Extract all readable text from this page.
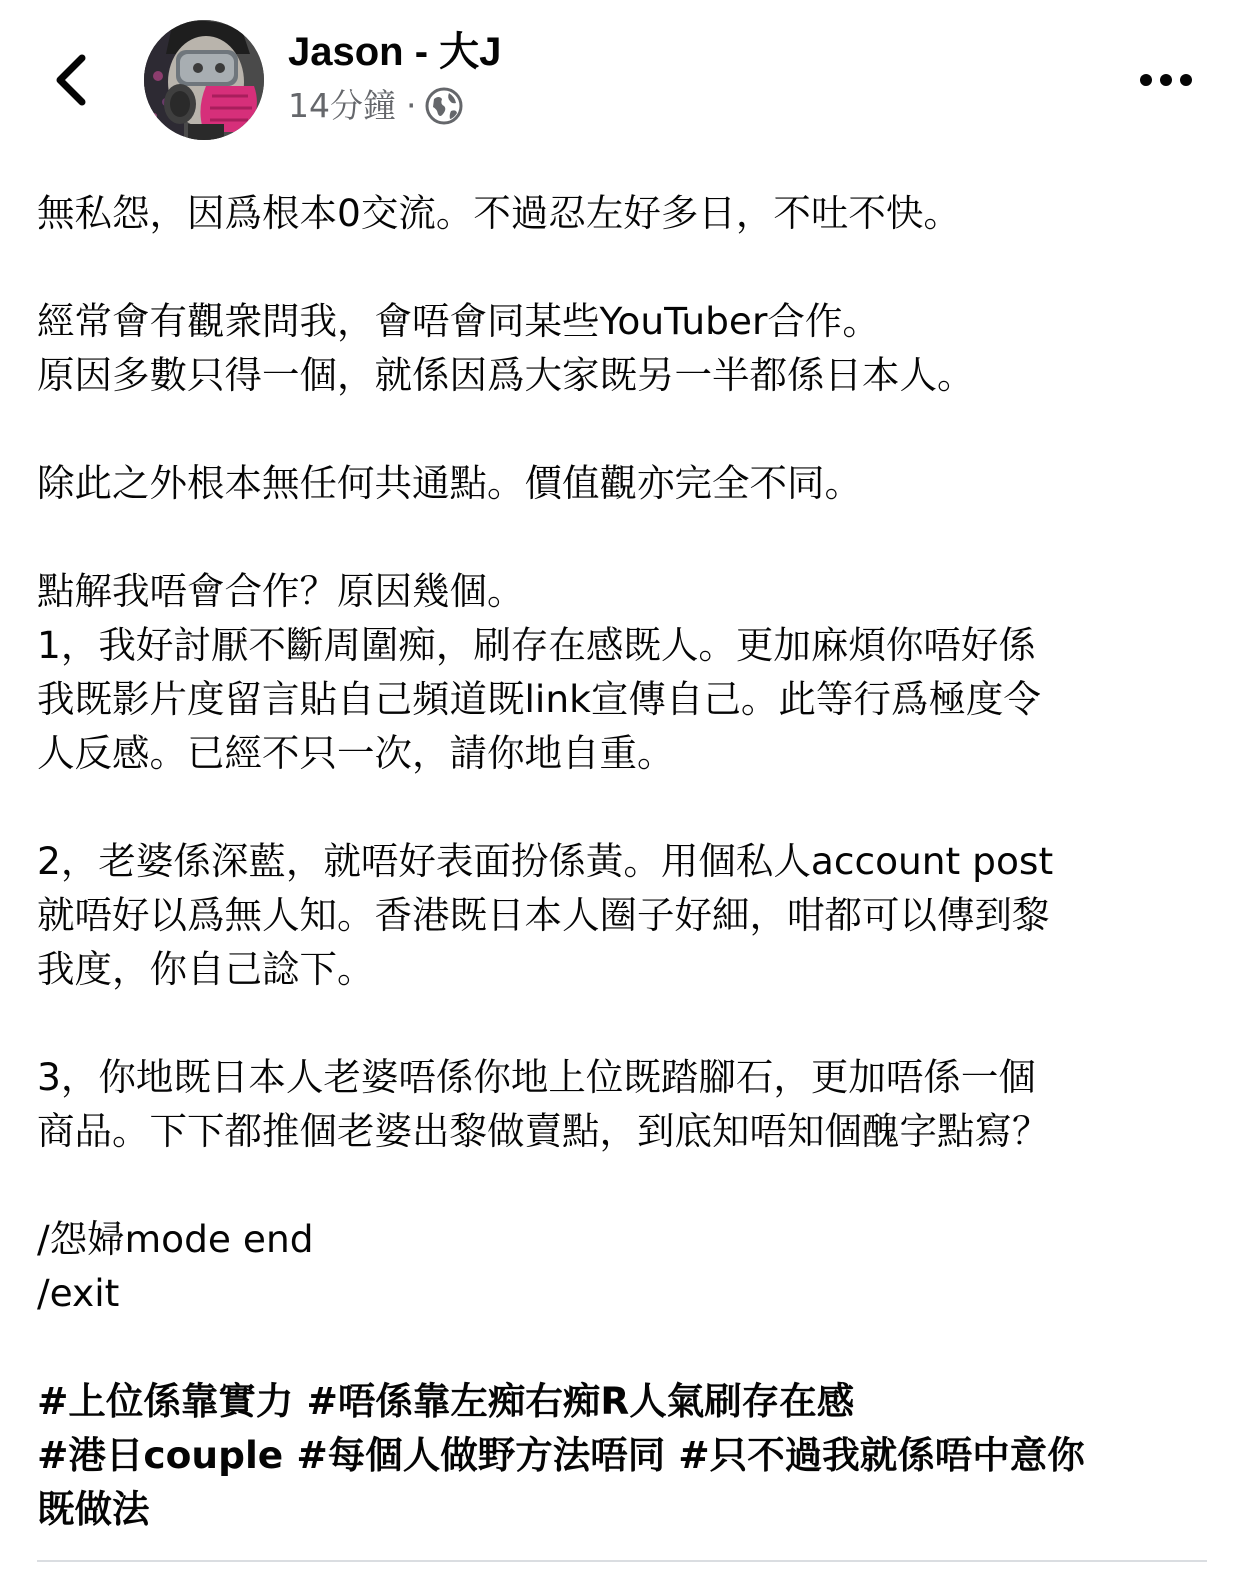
Jason - 大J
14分鐘 ·
無私怨，因爲根本0交流。不過忍左好多日，不吐不快。
經常會有觀衆問我，會唔會同某些YouTuber合作。
原因多數只得一個，就係因爲大家既另一半都係日本人。
除此之外根本無任何共通點。價值觀亦完全不同。
點解我唔會合作？原因幾個。
1，我好討厭不斷周圍痴，刷存在感既人。更加麻煩你唔好係
我既影片度留言貼自己頻道既link宣傳自己。此等行爲極度令
人反感。已經不只一次，請你地自重。
2，老婆係深藍，就唔好表面扮係黃。用個私人account post
就唔好以爲無人知。香港既日本人圈子好細，咁都可以傳到黎
我度，你自己諗下。
3，你地既日本人老婆唔係你地上位既踏腳石，更加唔係一個
商品。下下都推個老婆出黎做賣點，到底知唔知個醜字點寫？
/怨婦mode end
/exit
#上位係靠實力 #唔係靠左痴右痴R人氣刷存在感
#港日couple #每個人做野方法唔同 #只不過我就係唔中意你
既做法
